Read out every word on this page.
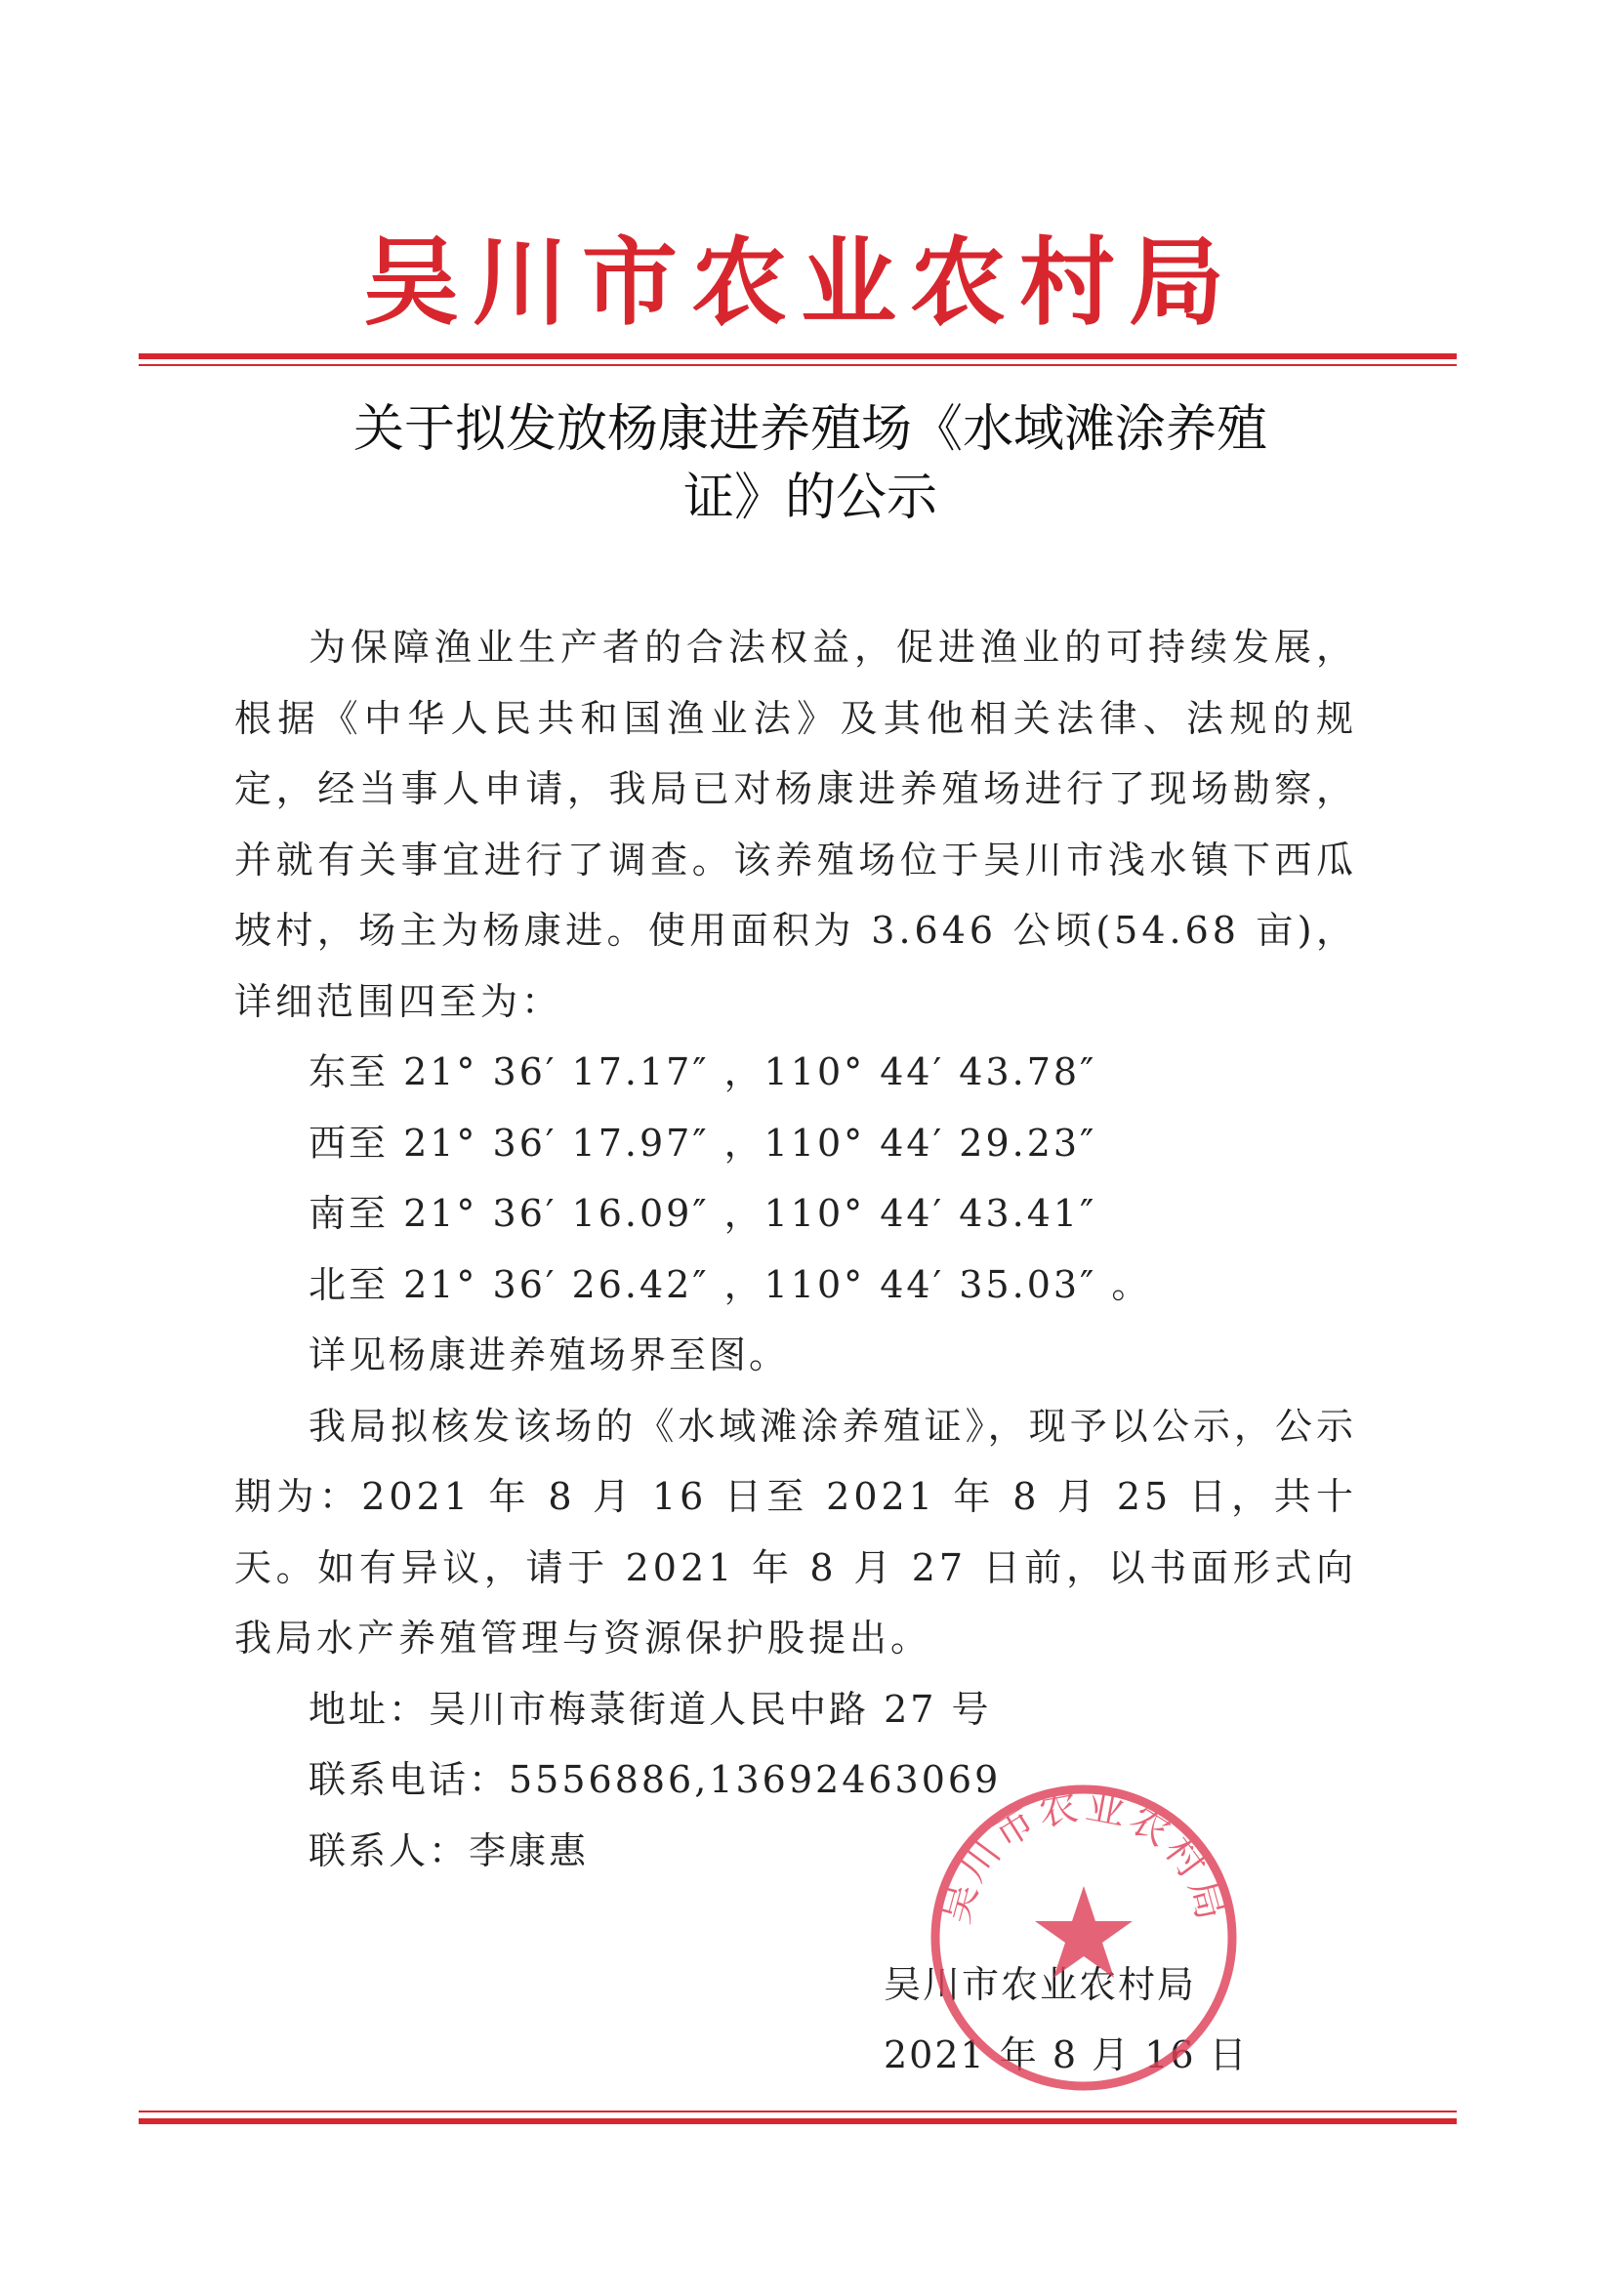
吴川市农业农村局
关于拟发放杨康进养殖场《水域滩涂养殖
证》的公示

为保障渔业生产者的合法权益，促进渔业的可持续发展，根据《中华人民共和国渔业法》及其他相关法律、法规的规定，经当事人申请，我局已对杨康进养殖场进行了现场勘察，并就有关事宜进行了调查。该养殖场位于吴川市浅水镇下西瓜坡村，场主为杨康进。使用面积为 3.646 公顷(54.68 亩)，详细范围四至为：

东至 21° 36′ 17.17″ ，110° 44′ 43.78″

西至 21° 36′ 17.97″ ，110° 44′ 29.23″

南至 21° 36′ 16.09″ ，110° 44′ 43.41″

北至 21° 36′ 26.42″ ，110° 44′ 35.03″ 。

详见杨康进养殖场界至图。

我局拟核发该场的《水域滩涂养殖证》，现予以公示，公示期为：2021 年 8 月 16 日至 2021 年 8 月 25 日，共十天。如有异议，请于 2021 年 8 月 27 日前，以书面形式向我局水产养殖管理与资源保护股提出。

地址：吴川市梅菉街道人民中路 27 号

联系电话：5556886,13692463069

联系人：李康惠

吴川市农业农村局
2021 年 8 月 16 日
吴川市农业农村局
